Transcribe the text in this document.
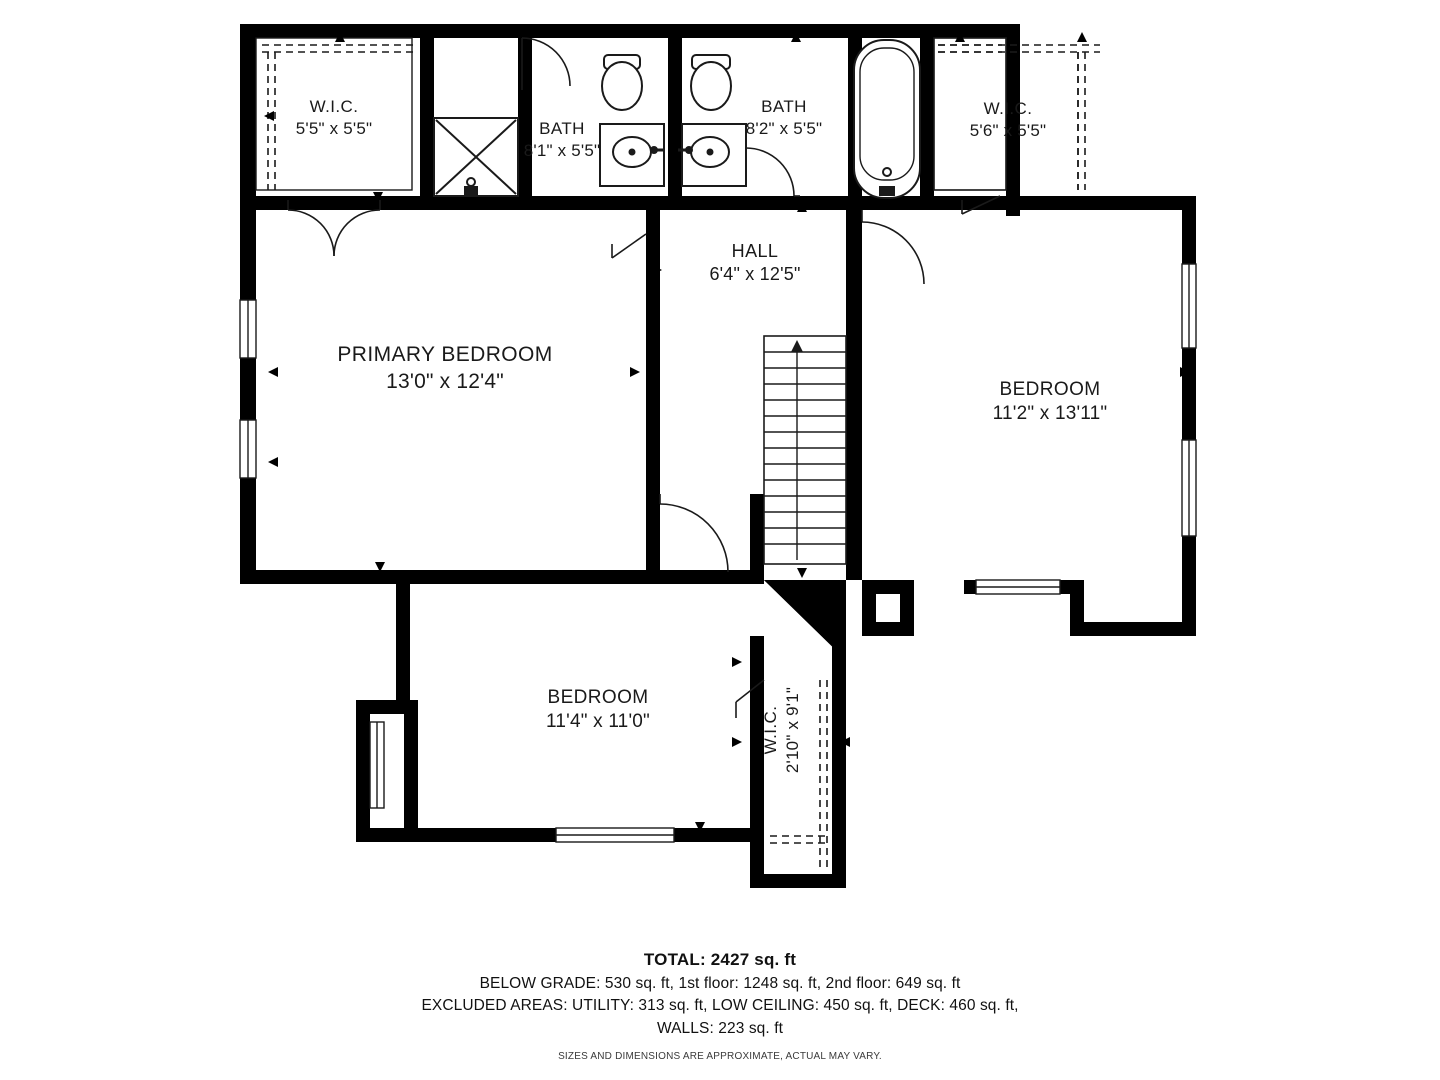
W.I.C.
5'5" x 5'5"	BATH
8'1" x 5'5"
BATH
8'2" x 5'5"
W.I.C.
5'6" x 5'5"
HALL
6'4" x 12'5"
PRIMARY BEDROOM
13'0" x 12'4"	BEDROOM
11'2" x 13'11"
BEDROOM
11'4" x 11'0"	W.I.C. 2'10" x 9'1"
TOTAL: 2427 sq. ft
BELOW GRADE: 530 sq. ft, 1st floor: 1248 sq. ft, 2nd floor: 649 sq. ft
EXCLUDED AREAS: UTILITY: 313 sq. ft, LOW CEILING: 450 sq. ft, DECK: 460 sq. ft,
WALLS: 223 sq. ft
SIZES AND DIMENSIONS ARE APPROXIMATE, ACTUAL MAY VARY.
